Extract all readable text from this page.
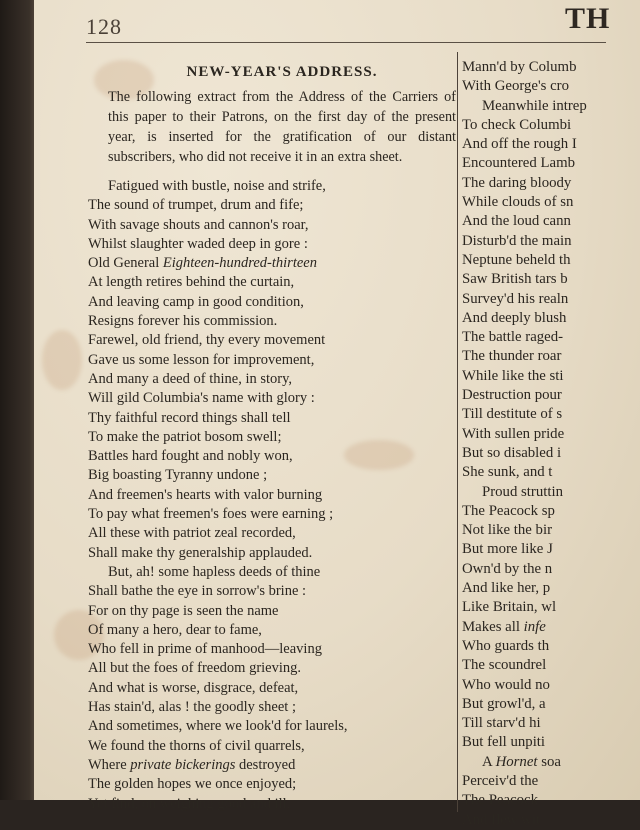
128	TH
NEW-YEAR'S ADDRESS.

The following extract from the Address of the Carriers of this paper to their Patrons, on the first day of the present year, is inserted for the gratification of our distant subscribers, who did not receive it in an extra sheet.

Fatigued with bustle, noise and strife,
The sound of trumpet, drum and fife;
With savage shouts and cannon's roar,
Whilst slaughter waded deep in gore :
Old General Eighteen-hundred-thirteen
At length retires behind the curtain,
And leaving camp in good condition,
Resigns forever his commission.
Farewel, old friend, thy every movement
Gave us some lesson for improvement,
And many a deed of thine, in story,
Will gild Columbia's name with glory :
Thy faithful record things shall tell
To make the patriot bosom swell;
Battles hard fought and nobly won,
Big boasting Tyranny undone ;
And freemen's hearts with valor burning
To pay what freemen's foes were earning ;
All these with patriot zeal recorded,
Shall make thy generalship applauded.
But, ah! some hapless deeds of thine
Shall bathe the eye in sorrow's brine :
For on thy page is seen the name
Of many a hero, dear to fame,
Who fell in prime of manhood—leaving
All but the foes of freedom grieving.
And what is worse, disgrace, defeat,
Has stain'd, alas ! the goodly sheet ;
And sometimes, where we look'd for laurels,
We found the thorns of civil quarrels,
Where private bickerings destroyed
The golden hopes we once enjoyed;
Yet find, on weighing good and ill,
Mann'd by Columb
With George's cro
Meanwhile intrep
To check Columbi
And off the rough I
Encountered Lamb
The daring bloody
While clouds of sn
And the loud cann
Disturb'd the main
Neptune beheld th
Saw British tars b
Survey'd his realn
And deeply blush
The battle raged-
The thunder roar
While like the sti
Destruction pour
Till destitute of s
With sullen pride
But so disabled i
She sunk, and t
Proud struttin
The Peacock sp
Not like the bir
But more like J
Own'd by the n
And like her, p
Like Britain, wl
Makes all infe
Who guards th
The scoundrel
Who would no
But growl'd, a
Till starv'd hi
But fell unpiti
A Hornet soa
Perceiv'd the
The Peacock
And flew wit
